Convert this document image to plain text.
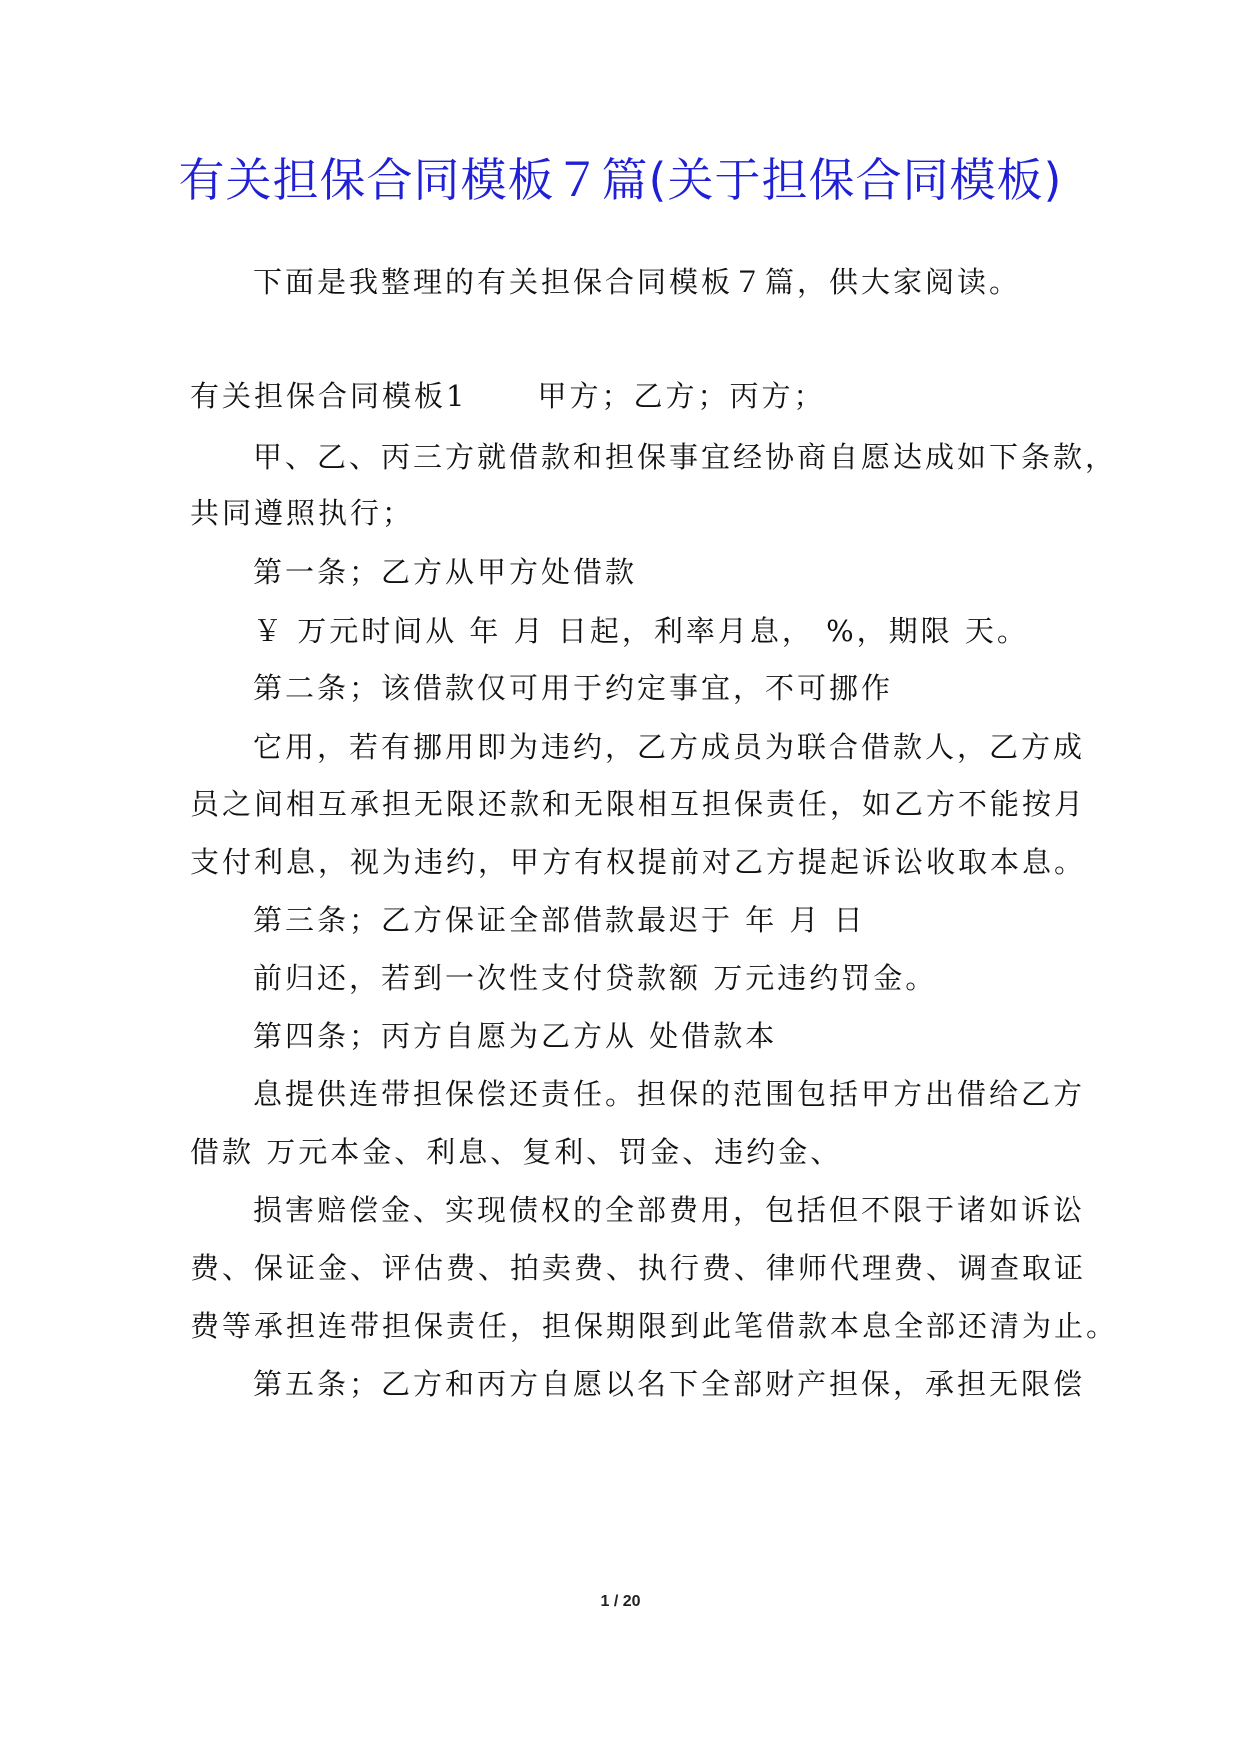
有关担保合同模板７篇(关于担保合同模板)
下面是我整理的有关担保合同模板７篇，供大家阅读。
有关担保合同模板1 甲方；乙方；丙方；
甲、乙、丙三方就借款和担保事宜经协商自愿达成如下条款，
共同遵照执行；
第一条；乙方从甲方处借款
￥ 万元时间从 年 月 日起，利率月息， %，期限 天。
第二条；该借款仅可用于约定事宜，不可挪作
它用，若有挪用即为违约，乙方成员为联合借款人，乙方成
员之间相互承担无限还款和无限相互担保责任，如乙方不能按月
支付利息，视为违约，甲方有权提前对乙方提起诉讼收取本息。
第三条；乙方保证全部借款最迟于 年 月 日
前归还，若到一次性支付贷款额 万元违约罚金。
第四条；丙方自愿为乙方从 处借款本
息提供连带担保偿还责任。担保的范围包括甲方出借给乙方
借款 万元本金、利息、复利、罚金、违约金、
损害赔偿金、实现债权的全部费用，包括但不限于诸如诉讼
费、保证金、评估费、拍卖费、执行费、律师代理费、调查取证
费等承担连带担保责任，担保期限到此笔借款本息全部还清为止。
第五条；乙方和丙方自愿以名下全部财产担保，承担无限偿
1 / 20
